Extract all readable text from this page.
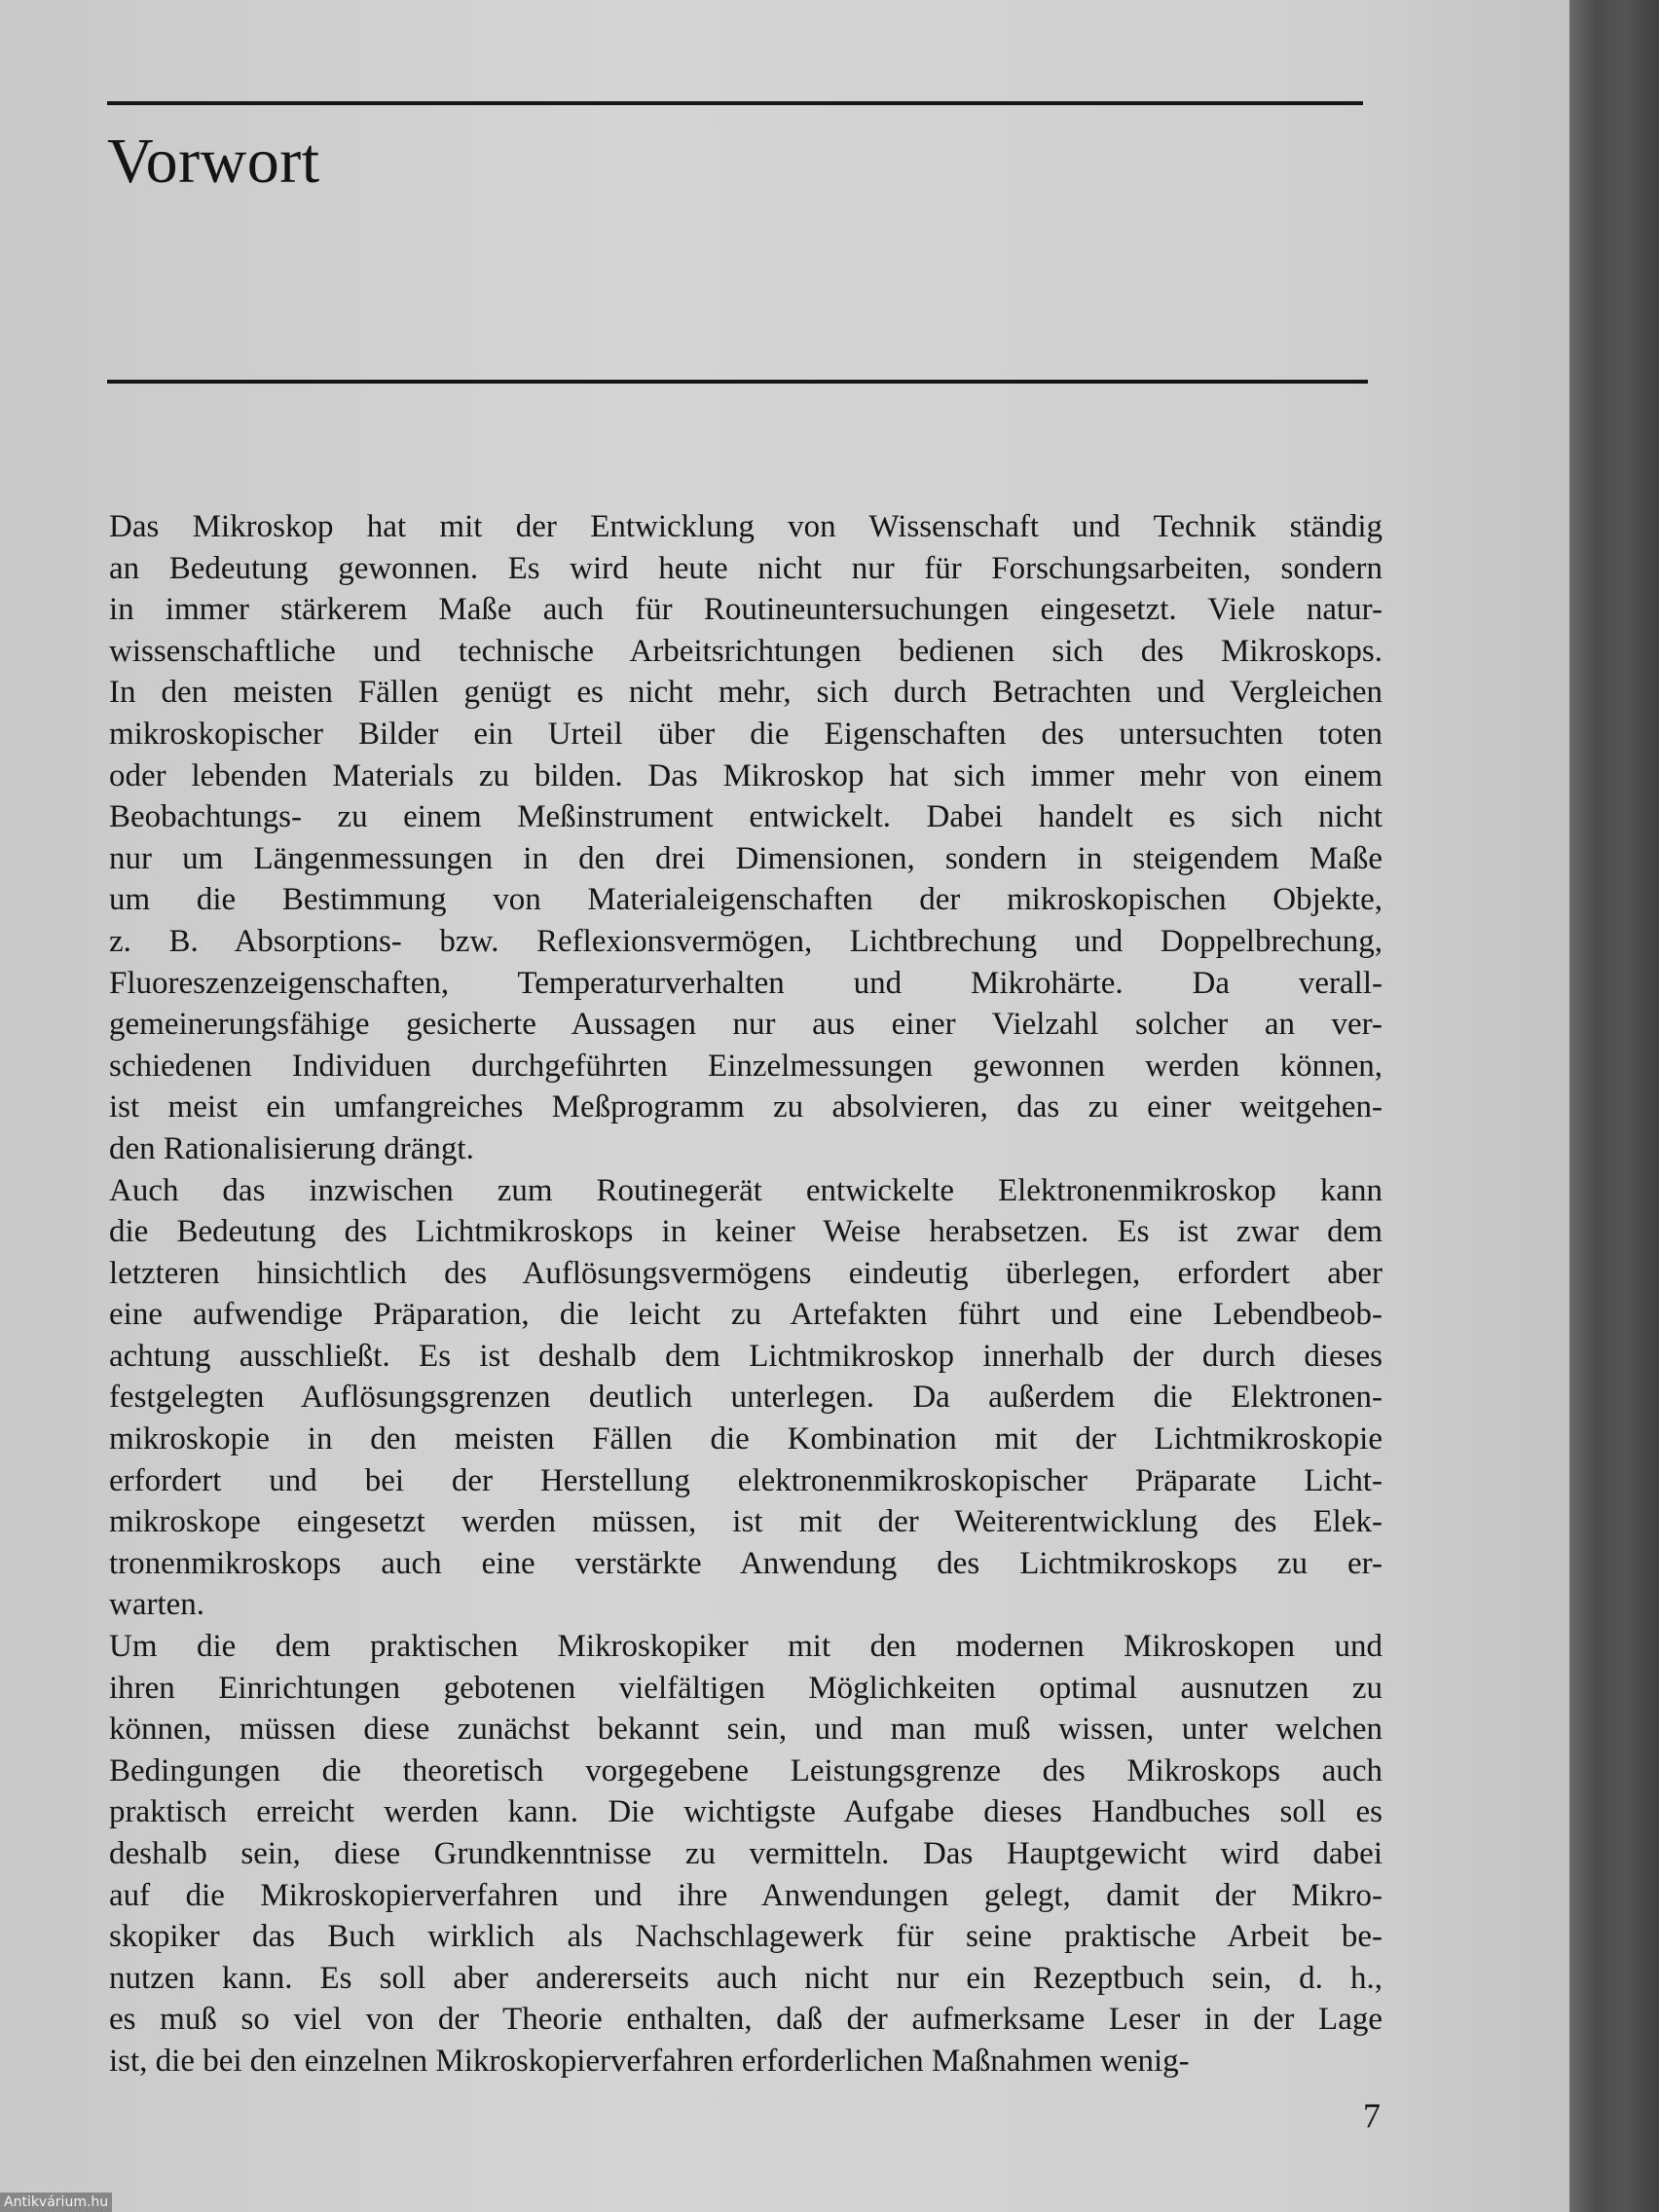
Vorwort
Das Mikroskop hat mit der Entwicklung von Wissenschaft und Technik ständig
an Bedeutung gewonnen. Es wird heute nicht nur für Forschungsarbeiten, sondern
in immer stärkerem Maße auch für Routineuntersuchungen eingesetzt. Viele natur-
wissenschaftliche und technische Arbeitsrichtungen bedienen sich des Mikroskops.
In den meisten Fällen genügt es nicht mehr, sich durch Betrachten und Vergleichen
mikroskopischer Bilder ein Urteil über die Eigenschaften des untersuchten toten
oder lebenden Materials zu bilden. Das Mikroskop hat sich immer mehr von einem
Beobachtungs- zu einem Meßinstrument entwickelt. Dabei handelt es sich nicht
nur um Längenmessungen in den drei Dimensionen, sondern in steigendem Maße
um die Bestimmung von Materialeigenschaften der mikroskopischen Objekte,
z. B. Absorptions- bzw. Reflexionsvermögen, Lichtbrechung und Doppelbrechung,
Fluoreszenzeigenschaften, Temperaturverhalten und Mikrohärte. Da verall-
gemeinerungsfähige gesicherte Aussagen nur aus einer Vielzahl solcher an ver-
schiedenen Individuen durchgeführten Einzelmessungen gewonnen werden können,
ist meist ein umfangreiches Meßprogramm zu absolvieren, das zu einer weitgehen-
den Rationalisierung drängt.
Auch das inzwischen zum Routinegerät entwickelte Elektronenmikroskop kann
die Bedeutung des Lichtmikroskops in keiner Weise herabsetzen. Es ist zwar dem
letzteren hinsichtlich des Auflösungsvermögens eindeutig überlegen, erfordert aber
eine aufwendige Präparation, die leicht zu Artefakten führt und eine Lebendbeob-
achtung ausschließt. Es ist deshalb dem Lichtmikroskop innerhalb der durch dieses
festgelegten Auflösungsgrenzen deutlich unterlegen. Da außerdem die Elektronen-
mikroskopie in den meisten Fällen die Kombination mit der Lichtmikroskopie
erfordert und bei der Herstellung elektronenmikroskopischer Präparate Licht-
mikroskope eingesetzt werden müssen, ist mit der Weiterentwicklung des Elek-
tronenmikroskops auch eine verstärkte Anwendung des Lichtmikroskops zu er-
warten.
Um die dem praktischen Mikroskopiker mit den modernen Mikroskopen und
ihren Einrichtungen gebotenen vielfältigen Möglichkeiten optimal ausnutzen zu
können, müssen diese zunächst bekannt sein, und man muß wissen, unter welchen
Bedingungen die theoretisch vorgegebene Leistungsgrenze des Mikroskops auch
praktisch erreicht werden kann. Die wichtigste Aufgabe dieses Handbuches soll es
deshalb sein, diese Grundkenntnisse zu vermitteln. Das Hauptgewicht wird dabei
auf die Mikroskopierverfahren und ihre Anwendungen gelegt, damit der Mikro-
skopiker das Buch wirklich als Nachschlagewerk für seine praktische Arbeit be-
nutzen kann. Es soll aber andererseits auch nicht nur ein Rezeptbuch sein, d. h.,
es muß so viel von der Theorie enthalten, daß der aufmerksame Leser in der Lage
ist, die bei den einzelnen Mikroskopierverfahren erforderlichen Maßnahmen wenig-
7
Antikvárium.hu
